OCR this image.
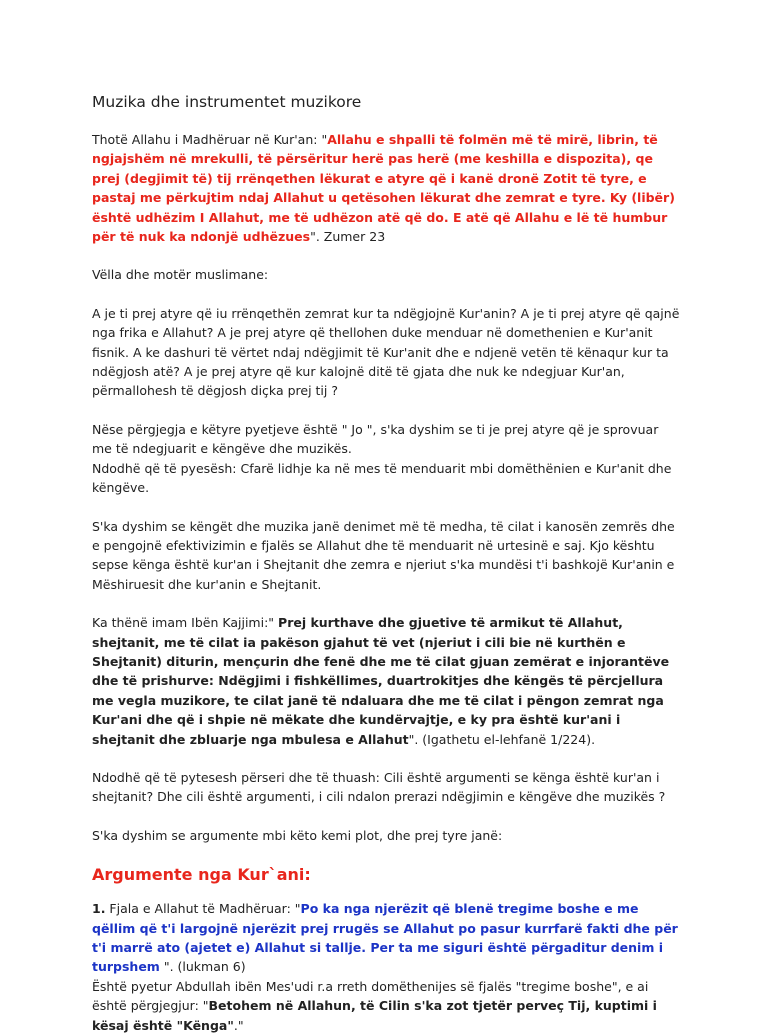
Muzika dhe instrumentet muzikore

Thotë Allahu i Madhëruar në Kur'an: "Allahu e shpalli të folmën më të mirë, librin, të ngjajshëm në mrekulli, të përsëritur herë pas herë (me keshilla e dispozita), qe prej (degjimit të) tij rrënqethen lëkurat e atyre që i kanë dronë Zotit të tyre, e pastaj me përkujtim ndaj Allahut u qetësohen lëkurat dhe zemrat e tyre. Ky (libër) është udhëzim I Allahut, me të udhëzon atë që do. E atë që Allahu e lë të humbur për të nuk ka ndonjë udhëzues". Zumer 23

Vëlla dhe motër muslimane:

A je ti prej atyre që iu rrënqethën zemrat kur ta ndëgjojnë Kur'anin? A je ti prej atyre që qajnë nga frika e Allahut? A je prej atyre që thellohen duke menduar në domethenien e Kur'anit fisnik. A ke dashuri të vërtet ndaj ndëgjimit të Kur'anit dhe e ndjenë vetën të kënaqur kur ta ndëgjosh atë? A je prej atyre që kur kalojnë ditë të gjata dhe nuk ke ndegjuar Kur'an, përmallohesh të dëgjosh diçka prej tij ?

Nëse përgjegja e këtyre pyetjeve është " Jo ", s'ka dyshim se ti je prej atyre që je sprovuar me të ndegjuarit e këngëve dhe muzikës.

Ndodhë që të pyesësh: Cfarë lidhje ka në mes të menduarit mbi domëthënien e Kur'anit dhe këngëve.

S'ka dyshim se këngët dhe muzika janë denimet më të medha, të cilat i kanosën zemrës dhe e pengojnë efektivizimin e fjalës se Allahut dhe të menduarit në urtesinë e saj. Kjo kështu sepse kënga është kur'an i Shejtanit dhe zemra e njeriut s'ka mundësi t'i bashkojë Kur'anin e Mëshiruesit dhe kur'anin e Shejtanit.

Ka thënë imam Ibën Kajjimi:" Prej kurthave dhe gjuetive të armikut të Allahut, shejtanit, me të cilat ia pakëson gjahut të vet (njeriut i cili bie në kurthën e Shejtanit) diturin, mençurin dhe fenë dhe me të cilat gjuan zemërat e injorantëve dhe të prishurve: Ndëgjimi i fishkëllimes, duartrokitjes dhe këngës të përcjellura me vegla muzikore, te cilat janë të ndaluara dhe me të cilat i pëngon zemrat nga Kur'ani dhe që i shpie në mëkate dhe kundërvajtje, e ky pra është kur'ani i shejtanit dhe zbluarje nga mbulesa e Allahut". (Igathetu el-lehfanë 1/224).

Ndodhë që të pytesesh përseri dhe të thuash: Cili është argumenti se kënga është kur'an i shejtanit? Dhe cili është argumenti, i cili ndalon prerazi ndëgjimin e këngëve dhe muzikës ?

S'ka dyshim se argumente mbi këto kemi plot, dhe prej tyre janë:

Argumente nga Kur`ani:

1. Fjala e Allahut të Madhëruar: "Po ka nga njerëzit që blenë tregime boshe e me qëllim që t'i largojnë njerëzit prej rrugës se Allahut po pasur kurrfarë fakti dhe për t'i marrë ato (ajetet e) Allahut si tallje. Per ta me siguri është përgaditur denim i turpshem ". (lukman 6)

Është pyetur Abdullah ibën Mes'udi r.a rreth domëthenijes së fjalës "tregime boshe", e ai është përgjegjur: "Betohem në Allahun, të Cilin s'ka zot tjetër perveç Tij, kuptimi i kësaj është "Kënga"."
